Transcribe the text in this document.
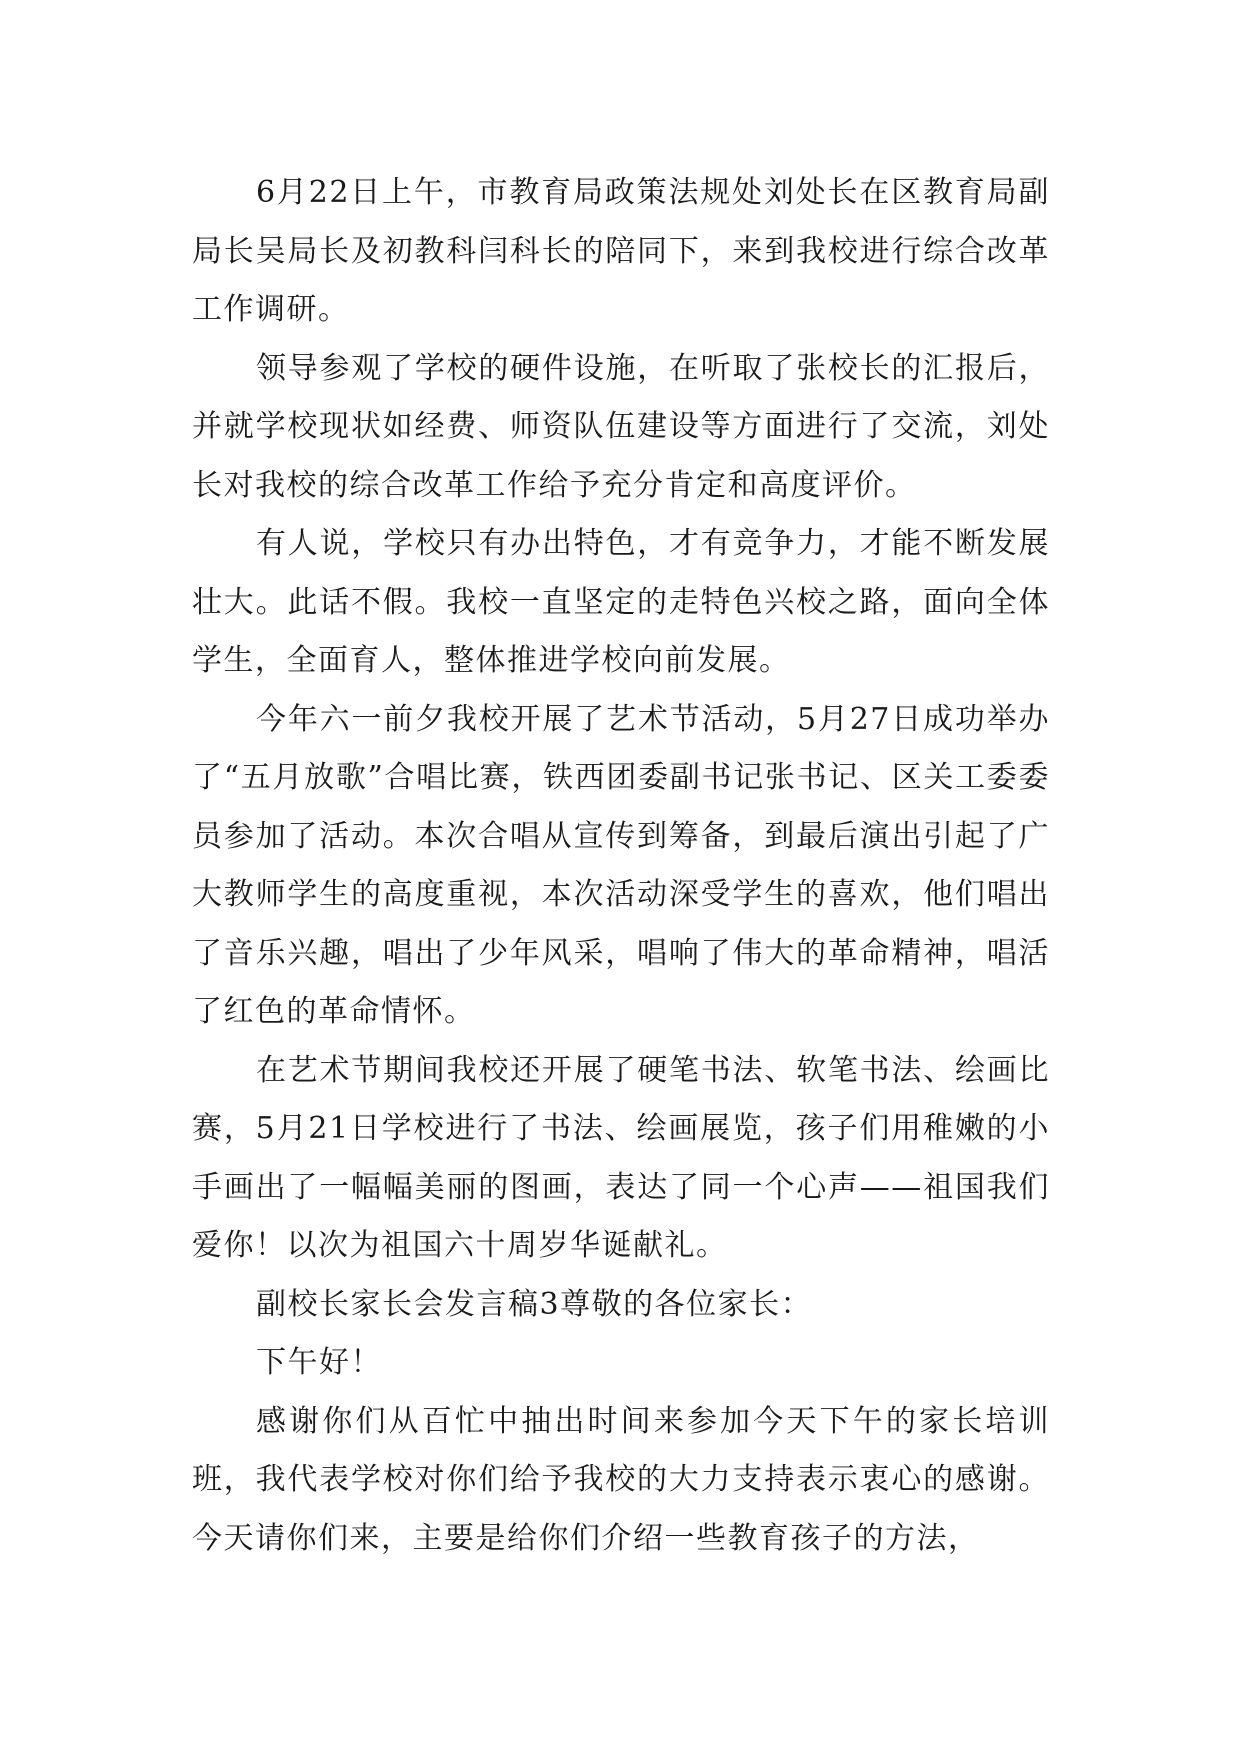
6月22日上午，市教育局政策法规处刘处长在区教育局副局长吴局长及初教科闫科长的陪同下，来到我校进行综合改革工作调研。

领导参观了学校的硬件设施，在听取了张校长的汇报后，并就学校现状如经费、师资队伍建设等方面进行了交流，刘处长对我校的综合改革工作给予充分肯定和高度评价。

有人说，学校只有办出特色，才有竞争力，才能不断发展壮大。此话不假。我校一直坚定的走特色兴校之路，面向全体学生，全面育人，整体推进学校向前发展。

今年六一前夕我校开展了艺术节活动，5月27日成功举办了“五月放歌”合唱比赛，铁西团委副书记张书记、区关工委委员参加了活动。本次合唱从宣传到筹备，到最后演出引起了广大教师学生的高度重视，本次活动深受学生的喜欢，他们唱出了音乐兴趣，唱出了少年风采，唱响了伟大的革命精神，唱活了红色的革命情怀。

在艺术节期间我校还开展了硬笔书法、软笔书法、绘画比赛，5月21日学校进行了书法、绘画展览，孩子们用稚嫩的小手画出了一幅幅美丽的图画，表达了同一个心声——祖国我们爱你！以次为祖国六十周岁华诞献礼。

副校长家长会发言稿3尊敬的各位家长：

下午好！

感谢你们从百忙中抽出时间来参加今天下午的家长培训班，我代表学校对你们给予我校的大力支持表示衷心的感谢。今天请你们来，主要是给你们介绍一些教育孩子的方法，
